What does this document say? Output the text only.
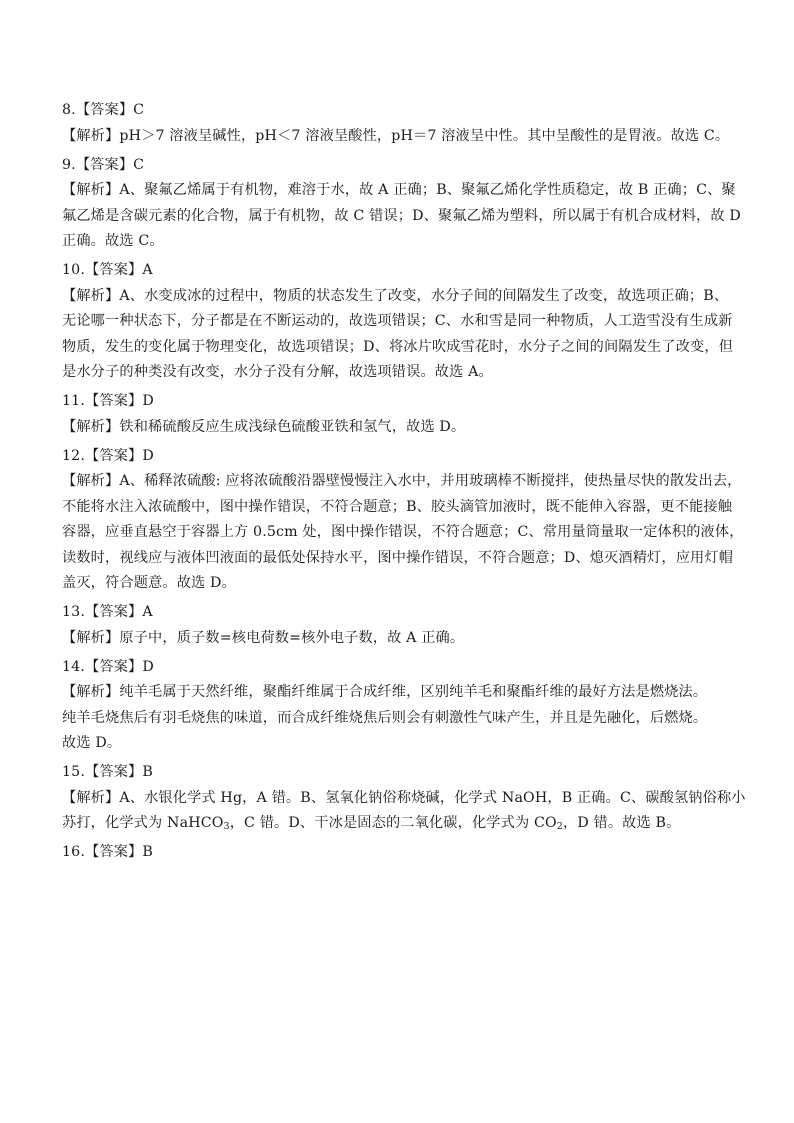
8.【答案】C
【解析】pH＞7 溶液呈碱性，pH＜7 溶液呈酸性，pH＝7 溶液呈中性。其中呈酸性的是胃液。故选 C。
9.【答案】C
【解析】A、聚氟乙烯属于有机物，难溶于水，故 A 正确；B、聚氟乙烯化学性质稳定，故 B 正确；C、聚
氟乙烯是含碳元素的化合物，属于有机物，故 C 错误；D、聚氟乙烯为塑料，所以属于有机合成材料，故 D
正确。故选 C。
10.【答案】A
【解析】A、水变成冰的过程中，物质的状态发生了改变，水分子间的间隔发生了改变，故选项正确；B、
无论哪一种状态下，分子都是在不断运动的，故选项错误；C、水和雪是同一种物质，人工造雪没有生成新
物质，发生的变化属于物理变化，故选项错误；D、将冰片吹成雪花时，水分子之间的间隔发生了改变，但
是水分子的种类没有改变，水分子没有分解，故选项错误。故选 A。
11.【答案】D
【解析】铁和稀硫酸反应生成浅绿色硫酸亚铁和氢气，故选 D。
12.【答案】D
【解析】A、稀释浓硫酸: 应将浓硫酸沿器壁慢慢注入水中，并用玻璃棒不断搅拌，使热量尽快的散发出去，
不能将水注入浓硫酸中，图中操作错误，不符合题意；B、胶头滴管加液时，既不能伸入容器，更不能接触
容器，应垂直悬空于容器上方 0.5cm 处，图中操作错误，不符合题意；C、常用量筒量取一定体积的液体，
读数时，视线应与液体凹液面的最低处保持水平，图中操作错误，不符合题意；D、熄灭酒精灯，应用灯帽
盖灭，符合题意。故选 D。
13.【答案】A
【解析】原子中，质子数=核电荷数=核外电子数，故 A 正确。
14.【答案】D
【解析】纯羊毛属于天然纤维，聚酯纤维属于合成纤维，区别纯羊毛和聚酯纤维的最好方法是燃烧法。
纯羊毛烧焦后有羽毛烧焦的味道，而合成纤维烧焦后则会有刺激性气味产生，并且是先融化，后燃烧。
故选 D。
15.【答案】B
【解析】A、水银化学式 Hg，A 错。B、氢氧化钠俗称烧碱，化学式 NaOH，B 正确。C、碳酸氢钠俗称小
苏打，化学式为 NaHCO$_3$，C 错。D、干冰是固态的二氧化碳，化学式为 $CO_2$，D 错。故选 B。
16.【答案】B
